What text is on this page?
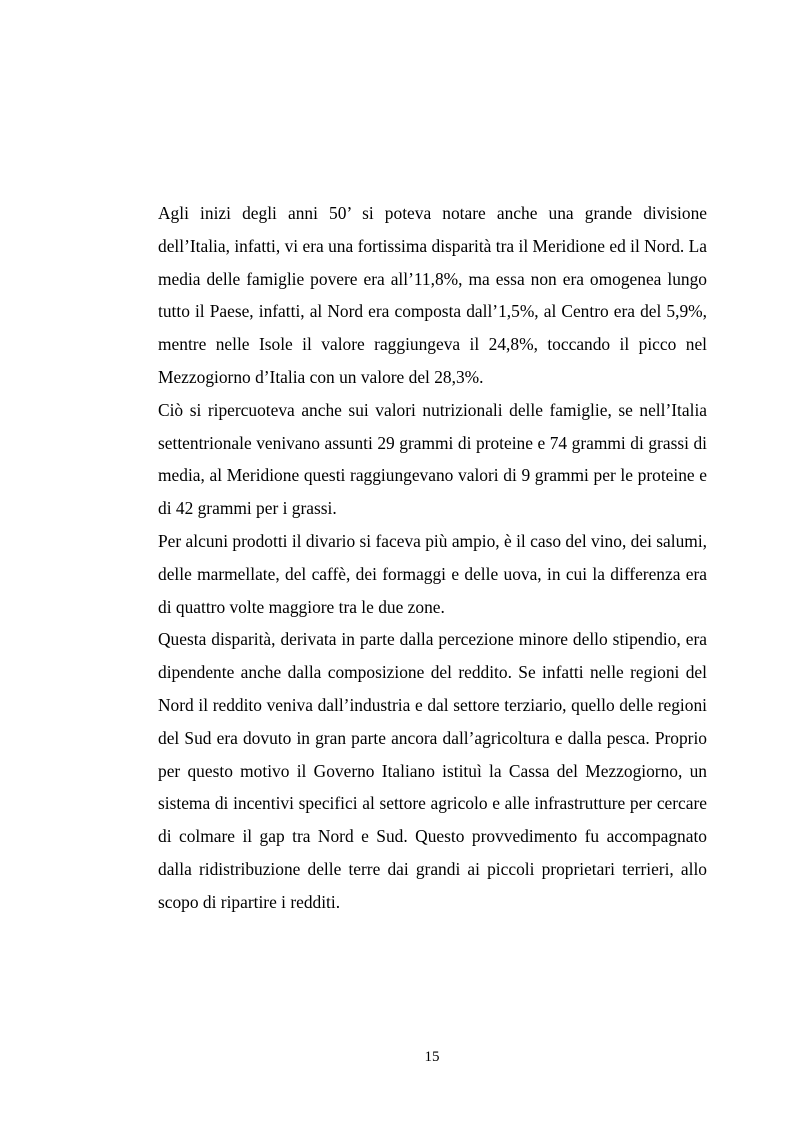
Agli inizi degli anni 50’ si poteva notare anche una grande divisione dell’Italia, infatti, vi era una fortissima disparità tra il Meridione ed il Nord. La media delle famiglie povere era all’11,8%, ma essa non era omogenea lungo tutto il Paese, infatti, al Nord era composta dall’1,5%, al Centro era del 5,9%, mentre nelle Isole il valore raggiungeva il 24,8%, toccando il picco nel Mezzogiorno d’Italia con un valore del 28,3%.

Ciò si ripercuoteva anche sui valori nutrizionali delle famiglie, se nell’Italia settentrionale venivano assunti 29 grammi di proteine e 74 grammi di grassi di media, al Meridione questi raggiungevano valori di 9 grammi per le proteine e di 42 grammi per i grassi.

Per alcuni prodotti il divario si faceva più ampio, è il caso del vino, dei salumi, delle marmellate, del caffè, dei formaggi e delle uova, in cui la differenza era di quattro volte maggiore tra le due zone.

Questa disparità, derivata in parte dalla percezione minore dello stipendio, era dipendente anche dalla composizione del reddito. Se infatti nelle regioni del Nord il reddito veniva dall’industria e dal settore terziario, quello delle regioni del Sud era dovuto in gran parte ancora dall’agricoltura e dalla pesca. Proprio per questo motivo il Governo Italiano istituì la Cassa del Mezzogiorno, un sistema di incentivi specifici al settore agricolo e alle infrastrutture per cercare di colmare il gap tra Nord e Sud. Questo provvedimento fu accompagnato dalla ridistribuzione delle terre dai grandi ai piccoli proprietari terrieri, allo scopo di ripartire i redditi.

15
